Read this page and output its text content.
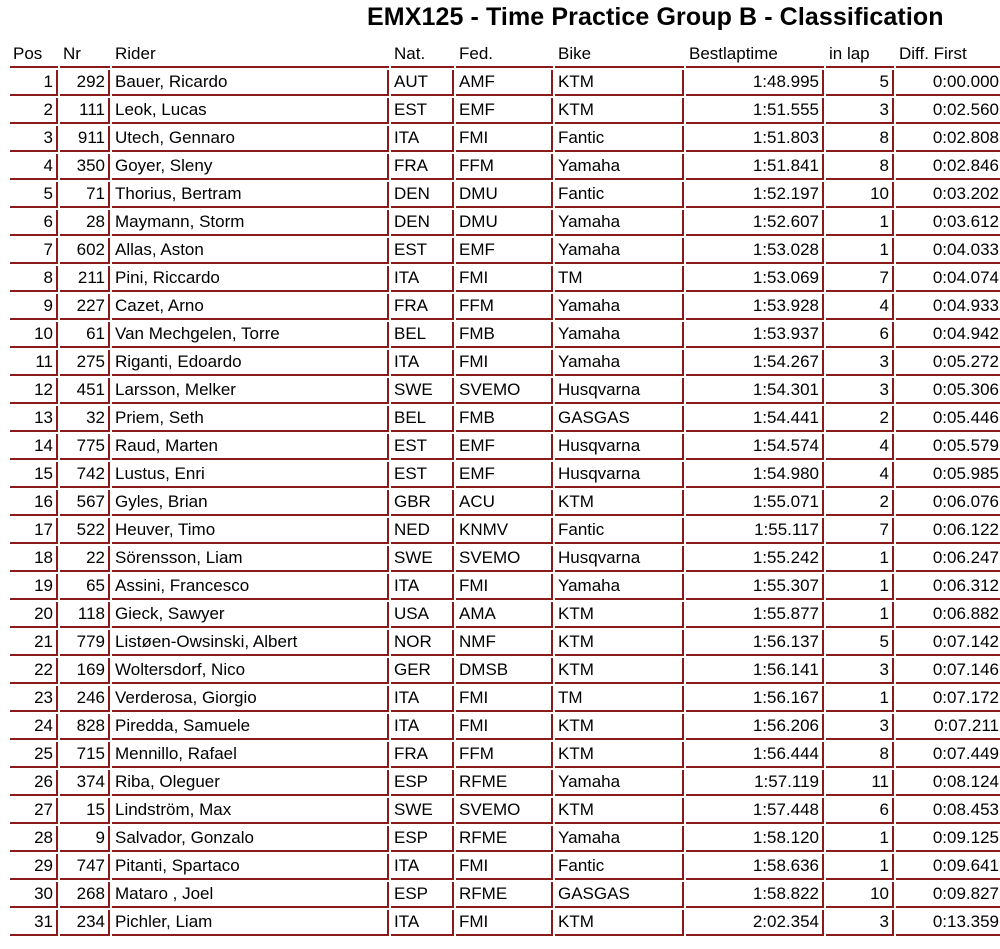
EMX125 - Time Practice Group B - Classification
Pos	Nr	Rider	Nat.	Fed.	Bike	Bestlaptime	in lap	Diff. First
1	292	Bauer, Ricardo	AUT	AMF	KTM	1:48.995	5	0:00.000
2	111	Leok, Lucas	EST	EMF	KTM	1:51.555	3	0:02.560
3	911	Utech, Gennaro	ITA	FMI	Fantic	1:51.803	8	0:02.808
4	350	Goyer, Sleny	FRA	FFM	Yamaha	1:51.841	8	0:02.846
5	71	Thorius, Bertram	DEN	DMU	Fantic	1:52.197	10	0:03.202
6	28	Maymann, Storm	DEN	DMU	Yamaha	1:52.607	1	0:03.612
7	602	Allas, Aston	EST	EMF	Yamaha	1:53.028	1	0:04.033
8	211	Pini, Riccardo	ITA	FMI	TM	1:53.069	7	0:04.074
9	227	Cazet, Arno	FRA	FFM	Yamaha	1:53.928	4	0:04.933
10	61	Van Mechgelen, Torre	BEL	FMB	Yamaha	1:53.937	6	0:04.942
11	275	Riganti, Edoardo	ITA	FMI	Yamaha	1:54.267	3	0:05.272
12	451	Larsson, Melker	SWE	SVEMO	Husqvarna	1:54.301	3	0:05.306
13	32	Priem, Seth	BEL	FMB	GASGAS	1:54.441	2	0:05.446
14	775	Raud, Marten	EST	EMF	Husqvarna	1:54.574	4	0:05.579
15	742	Lustus, Enri	EST	EMF	Husqvarna	1:54.980	4	0:05.985
16	567	Gyles, Brian	GBR	ACU	KTM	1:55.071	2	0:06.076
17	522	Heuver, Timo	NED	KNMV	Fantic	1:55.117	7	0:06.122
18	22	Sörensson, Liam	SWE	SVEMO	Husqvarna	1:55.242	1	0:06.247
19	65	Assini, Francesco	ITA	FMI	Yamaha	1:55.307	1	0:06.312
20	118	Gieck, Sawyer	USA	AMA	KTM	1:55.877	1	0:06.882
21	779	Listøen-Owsinski, Albert	NOR	NMF	KTM	1:56.137	5	0:07.142
22	169	Woltersdorf, Nico	GER	DMSB	KTM	1:56.141	3	0:07.146
23	246	Verderosa, Giorgio	ITA	FMI	TM	1:56.167	1	0:07.172
24	828	Piredda, Samuele	ITA	FMI	KTM	1:56.206	3	0:07.211
25	715	Mennillo, Rafael	FRA	FFM	KTM	1:56.444	8	0:07.449
26	374	Riba, Oleguer	ESP	RFME	Yamaha	1:57.119	11	0:08.124
27	15	Lindström, Max	SWE	SVEMO	KTM	1:57.448	6	0:08.453
28	9	Salvador, Gonzalo	ESP	RFME	Yamaha	1:58.120	1	0:09.125
29	747	Pitanti, Spartaco	ITA	FMI	Fantic	1:58.636	1	0:09.641
30	268	Mataro , Joel	ESP	RFME	GASGAS	1:58.822	10	0:09.827
31	234	Pichler, Liam	ITA	FMI	KTM	2:02.354	3	0:13.359
